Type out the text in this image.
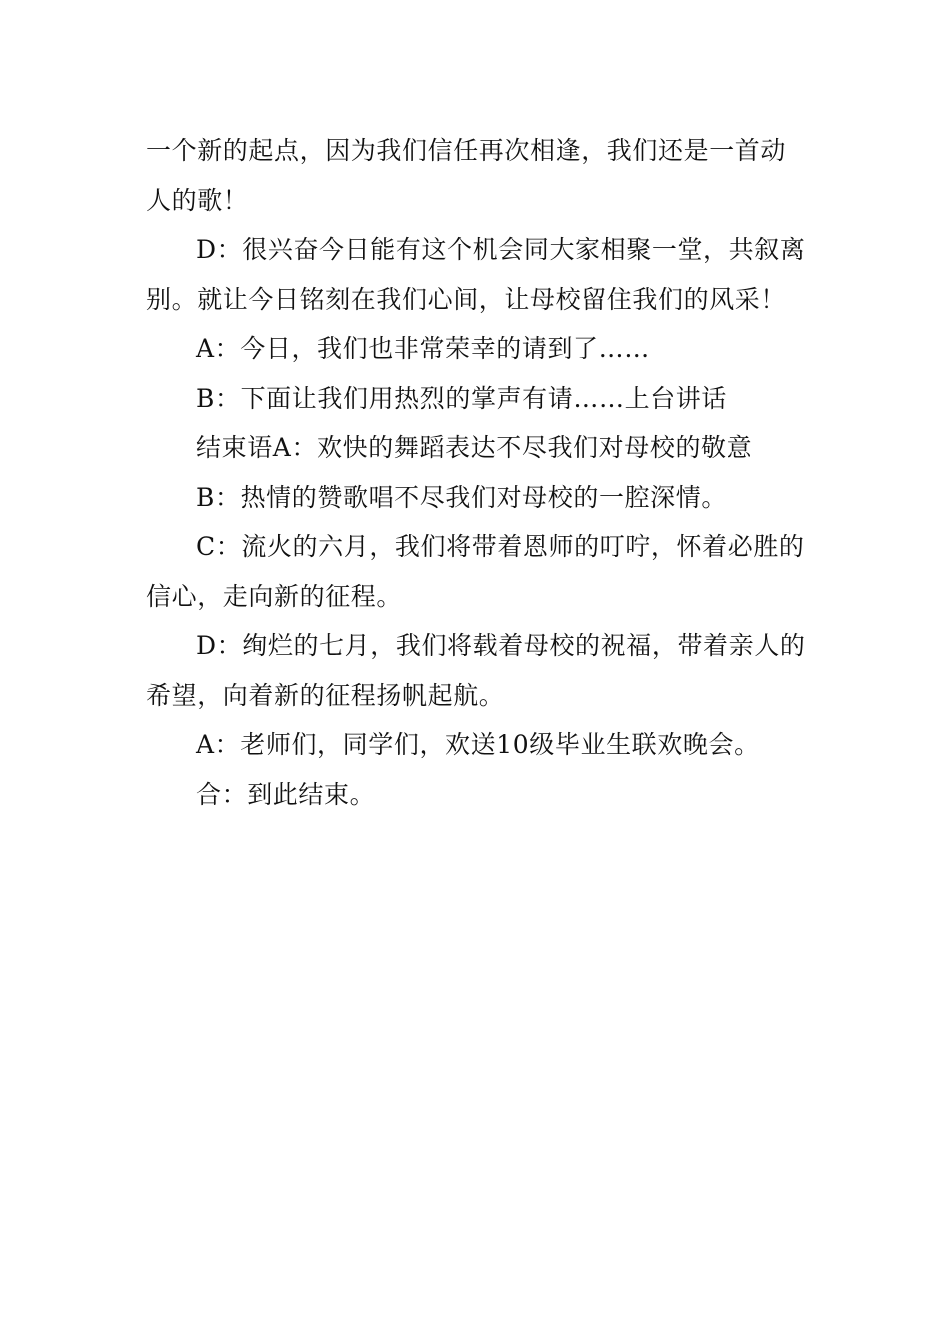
一个新的起点，因为我们信任再次相逢，我们还是一首动人的歌！

D：很兴奋今日能有这个机会同大家相聚一堂，共叙离别。就让今日铭刻在我们心间，让母校留住我们的风采！

A：今日，我们也非常荣幸的请到了……

B：下面让我们用热烈的掌声有请……上台讲话

结束语A：欢快的舞蹈表达不尽我们对母校的敬意

B：热情的赞歌唱不尽我们对母校的一腔深情。

C：流火的六月，我们将带着恩师的叮咛，怀着必胜的信心，走向新的征程。

D：绚烂的七月，我们将载着母校的祝福，带着亲人的希望，向着新的征程扬帆起航。

A：老师们，同学们，欢送10级毕业生联欢晚会。

合：到此结束。
